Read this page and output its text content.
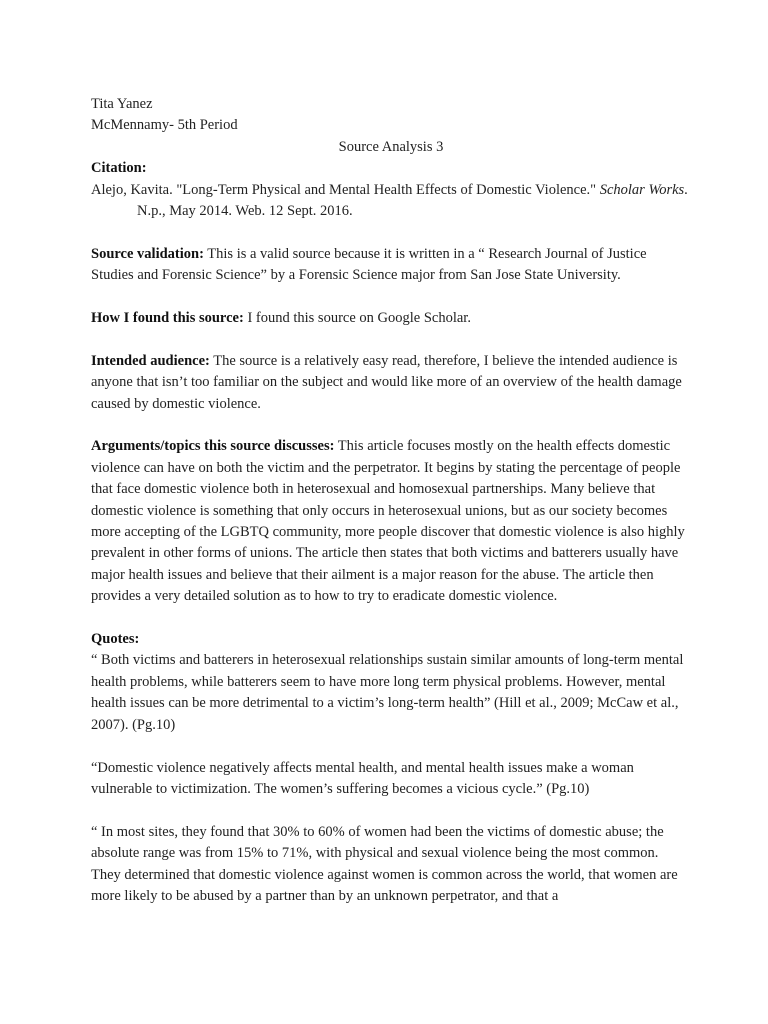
Tita Yanez

McMennamy- 5th Period

Source Analysis 3

Citation:

Alejo, Kavita. "Long-Term Physical and Mental Health Effects of Domestic Violence." Scholar Works. N.p., May 2014. Web. 12 Sept. 2016.

Source validation: This is a valid source because it is written in a “ Research Journal of Justice Studies and Forensic Science” by a Forensic Science major from San Jose State University.

How I found this source: I found this source on Google Scholar.

Intended audience: The source is a relatively easy read, therefore, I believe the intended audience is anyone that isn’t too familiar on the subject and would like more of an overview of the health damage caused by domestic violence.

Arguments/topics this source discusses: This article focuses mostly on the health effects domestic violence can have on both the victim and the perpetrator. It begins by stating the percentage of people that face domestic violence both in heterosexual and homosexual partnerships. Many believe that domestic violence is something that only occurs in heterosexual unions, but as our society becomes more accepting of the LGBTQ community, more people discover that domestic violence is also highly prevalent in other forms of unions. The article then states that both victims and batterers usually have major health issues and believe that their ailment is a major reason for the abuse. The article then provides a very detailed solution as to how to try to eradicate domestic violence.

Quotes:

“ Both victims and batterers in heterosexual relationships sustain similar amounts of long-term mental health problems, while batterers seem to have more long term physical problems. However, mental health issues can be more detrimental to a victim’s long-term health” (Hill et al., 2009; McCaw et al., 2007). (Pg.10)

“Domestic violence negatively affects mental health, and mental health issues make a woman vulnerable to victimization. The women’s suffering becomes a vicious cycle.” (Pg.10)

“ In most sites, they found that 30% to 60% of women had been the victims of domestic abuse; the absolute range was from 15% to 71%, with physical and sexual violence being the most common. They determined that domestic violence against women is common across the world, that women are more likely to be abused by a partner than by an unknown perpetrator, and that a
